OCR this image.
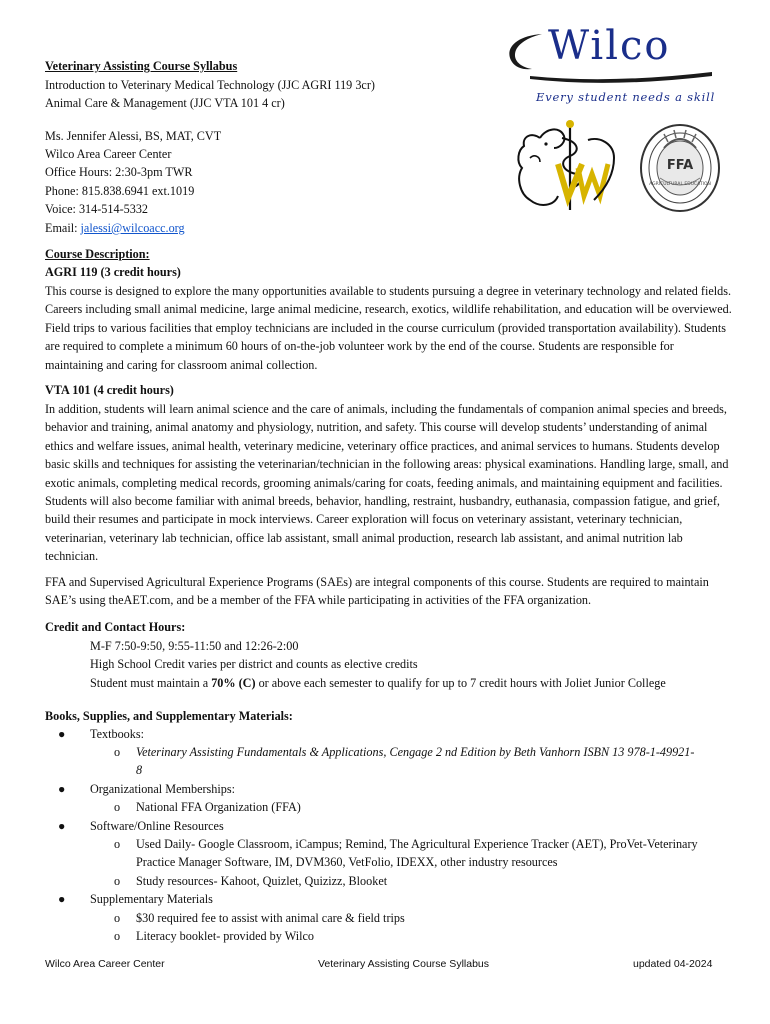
Veterinary Assisting Course Syllabus
Introduction to Veterinary Medical Technology (JJC AGRI 119 3cr)
Animal Care & Management (JJC VTA 101 4 cr)
Wilco
Every student needs a skill
FFA
AGRICULTURAL EDUCATION
Ms. Jennifer Alessi, BS, MAT, CVT
Wilco Area Career Center
Office Hours: 2:30-3pm TWR
Phone: 815.838.6941 ext.1019
Voice: 314-514-5332
Email: jalessi@wilcoacc.org
Course Description:
AGRI 119 (3 credit hours)
This course is designed to explore the many opportunities available to students pursuing a degree in veterinary technology and related fields. Careers including small animal medicine, large animal medicine, research, exotics, wildlife rehabilitation, and education will be overviewed. Field trips to various facilities that employ technicians are included in the course curriculum (provided transportation availability). Students are required to complete a minimum 60 hours of on-the-job volunteer work by the end of the course. Students are responsible for maintaining and caring for classroom animal collection.
VTA 101 (4 credit hours)
In addition, students will learn animal science and the care of animals, including the fundamentals of companion animal species and breeds, behavior and training, animal anatomy and physiology, nutrition, and safety. This course will develop students’ understanding of animal ethics and welfare issues, animal health, veterinary medicine, veterinary office practices, and animal services to humans. Students develop basic skills and techniques for assisting the veterinarian/technician in the following areas: physical examinations. Handling large, small, and exotic animals, completing medical records, grooming animals/caring for coats, feeding animals, and maintaining equipment and facilities. Students will also become familiar with animal breeds, behavior, handling, restraint, husbandry, euthanasia, compassion fatigue, and grief, build their resumes and participate in mock interviews. Career exploration will focus on veterinary assistant, veterinary technician, veterinarian, veterinary lab technician, office lab assistant, small animal production, research lab assistant, and animal nutrition lab technician.
FFA and Supervised Agricultural Experience Programs (SAEs) are integral components of this course. Students are required to maintain SAE’s using theAET.com, and be a member of the FFA while participating in activities of the FFA organization.
Credit and Contact Hours:
M-F 7:50-9:50, 9:55-11:50 and 12:26-2:00
High School Credit varies per district and counts as elective credits
Student must maintain a 70% (C) or above each semester to qualify for up to 7 credit hours with Joliet Junior College
Books, Supplies, and Supplementary Materials:
● Textbooks:
o Veterinary Assisting Fundamentals & Applications, Cengage 2 nd Edition by Beth Vanhorn ISBN 13 978-1-49921-8
● Organizational Memberships:
o National FFA Organization (FFA)
● Software/Online Resources
o Used Daily- Google Classroom, iCampus; Remind, The Agricultural Experience Tracker (AET), ProVet-Veterinary Practice Manager Software, IM, DVM360, VetFolio, IDEXX, other industry resources
o Study resources- Kahoot, Quizlet, Quizizz, Blooket
● Supplementary Materials
o $30 required fee to assist with animal care & field trips
o Literacy booklet- provided by Wilco
Wilco Area Career Center	Veterinary Assisting Course Syllabus	updated 04-2024
